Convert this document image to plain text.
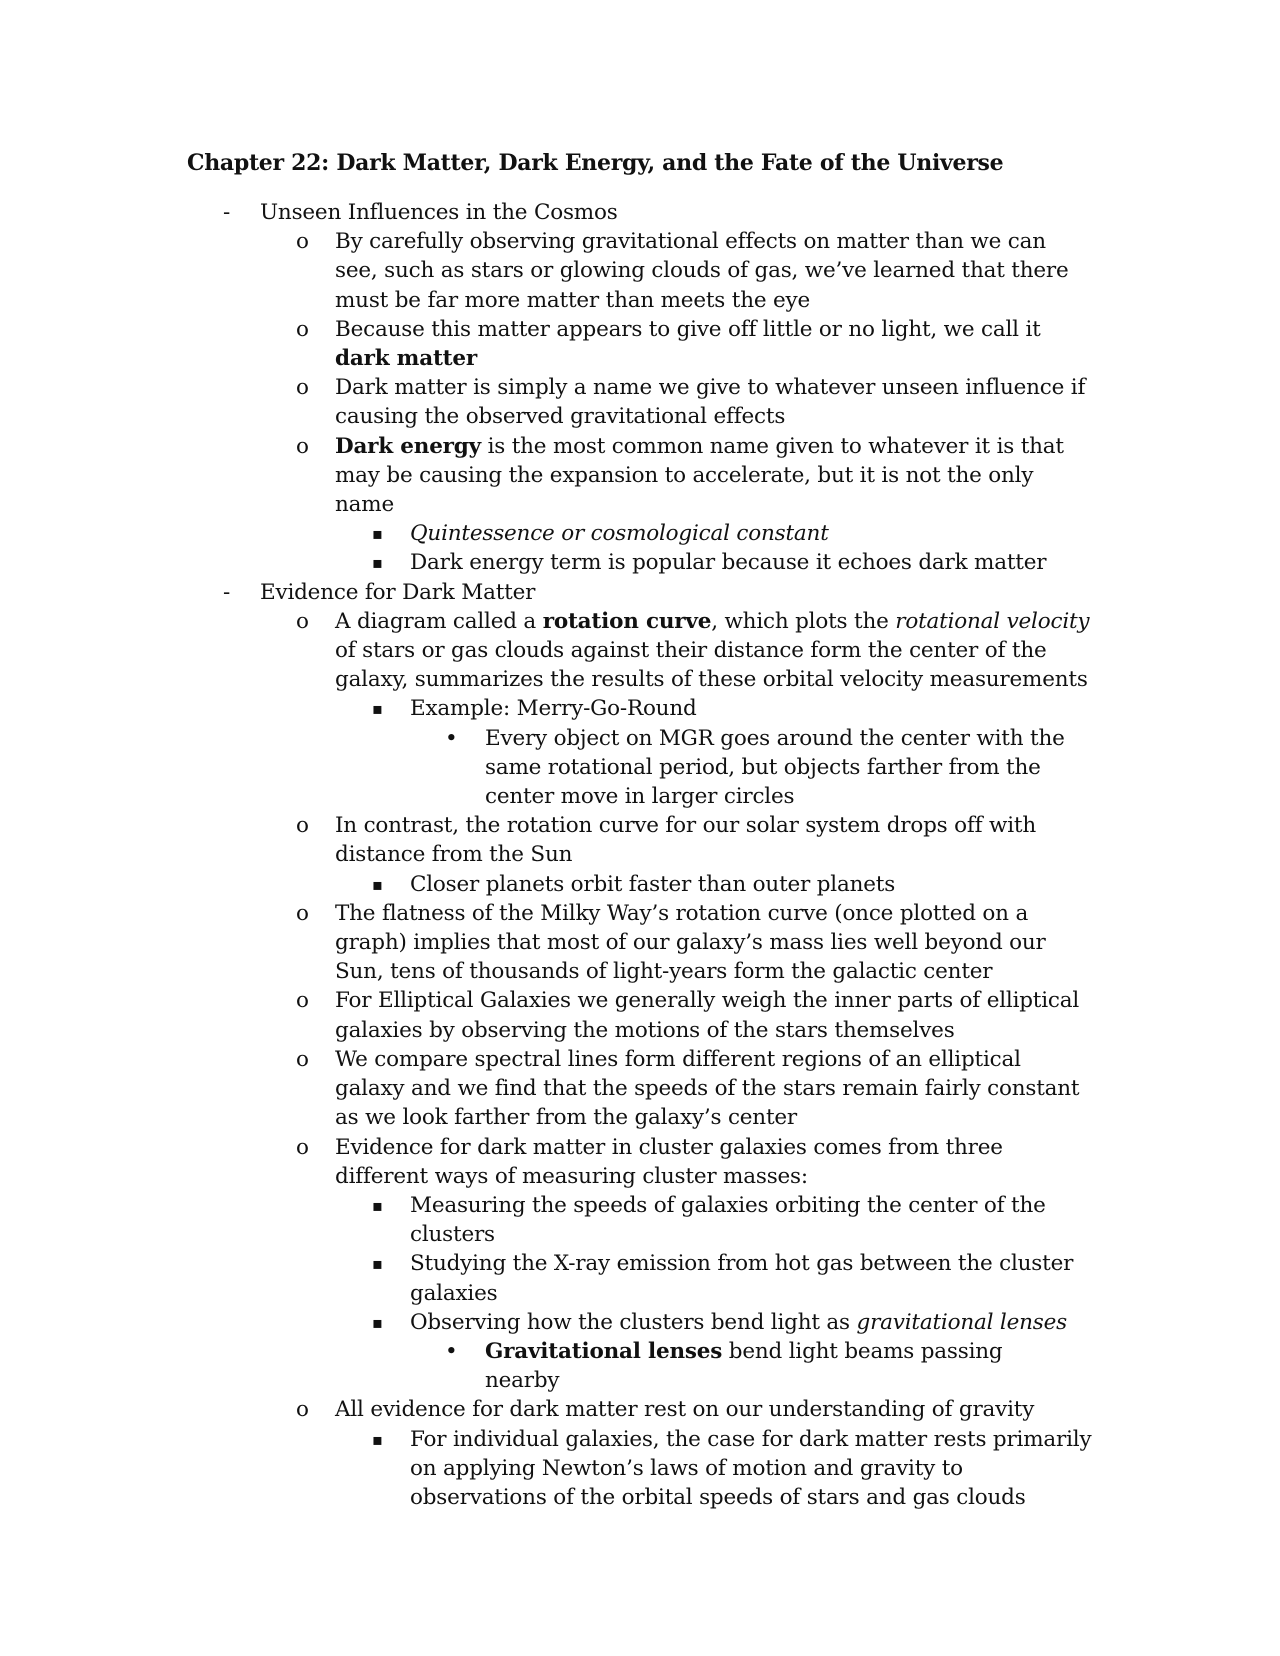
Chapter 22: Dark Matter, Dark Energy, and the Fate of the Universe
- Unseen Influences in the Cosmos
o By carefully observing gravitational effects on matter than we can see, such as stars or glowing clouds of gas, we’ve learned that there must be far more matter than meets the eye
o Because this matter appears to give off little or no light, we call it dark matter
o Dark matter is simply a name we give to whatever unseen influence if causing the observed gravitational effects
o Dark energy is the most common name given to whatever it is that may be causing the expansion to accelerate, but it is not the only name
▪ Quintessence or cosmological constant
▪ Dark energy term is popular because it echoes dark matter
- Evidence for Dark Matter
o A diagram called a rotation curve, which plots the rotational velocity of stars or gas clouds against their distance form the center of the galaxy, summarizes the results of these orbital velocity measurements
▪ Example: Merry-Go-Round
• Every object on MGR goes around the center with the same rotational period, but objects farther from the center move in larger circles
o In contrast, the rotation curve for our solar system drops off with distance from the Sun
▪ Closer planets orbit faster than outer planets
o The flatness of the Milky Way’s rotation curve (once plotted on a graph) implies that most of our galaxy’s mass lies well beyond our Sun, tens of thousands of light-years form the galactic center
o For Elliptical Galaxies we generally weigh the inner parts of elliptical galaxies by observing the motions of the stars themselves
o We compare spectral lines form different regions of an elliptical galaxy and we find that the speeds of the stars remain fairly constant as we look farther from the galaxy’s center
o Evidence for dark matter in cluster galaxies comes from three different ways of measuring cluster masses:
▪ Measuring the speeds of galaxies orbiting the center of the clusters
▪ Studying the X-ray emission from hot gas between the cluster galaxies
▪ Observing how the clusters bend light as gravitational lenses
• Gravitational lenses bend light beams passing nearby
o All evidence for dark matter rest on our understanding of gravity
▪ For individual galaxies, the case for dark matter rests primarily on applying Newton’s laws of motion and gravity to observations of the orbital speeds of stars and gas clouds
